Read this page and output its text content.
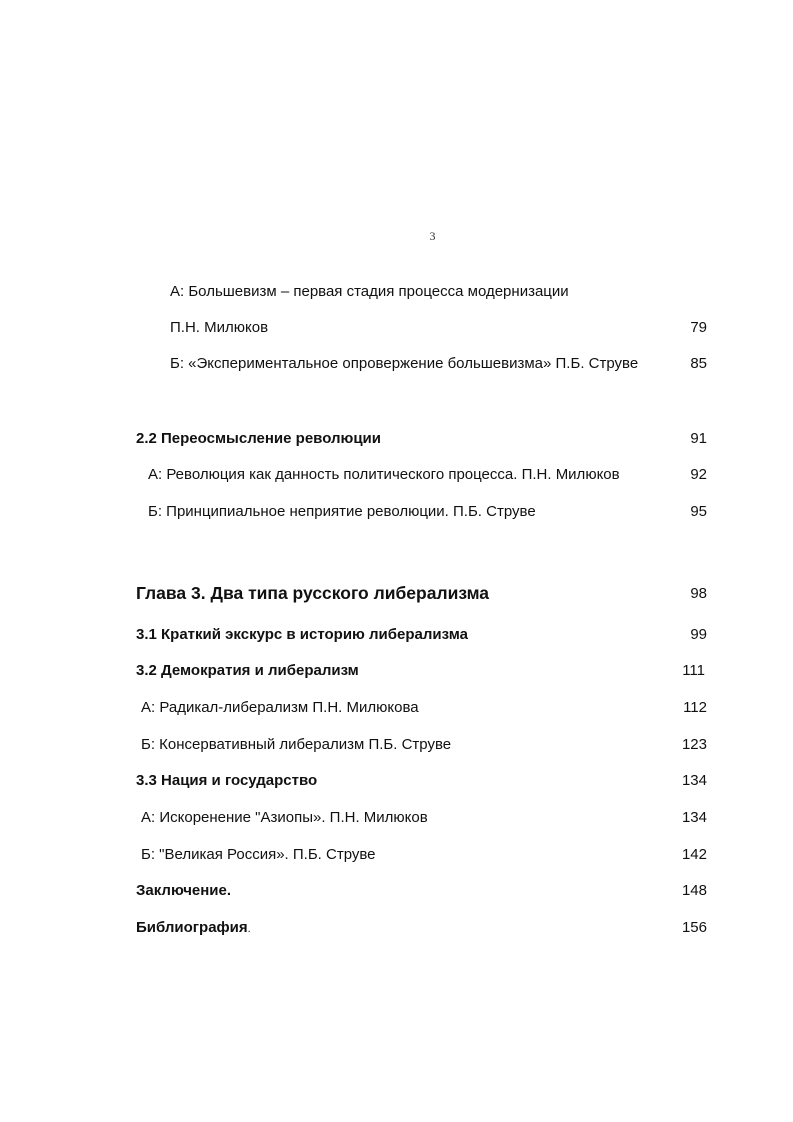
3
А: Большевизм – первая стадия процесса модернизации
П.Н. Милюков	79
Б: «Экспериментальное опровержение большевизма» П.Б. Струве	85
2.2 Переосмысление революции	91
А: Революция как данность политического процесса. П.Н. Милюков	92
Б: Принципиальное неприятие революции. П.Б. Струве	95
Глава 3. Два типа русского либерализма	98
3.1 Краткий экскурс в историю либерализма	99
3.2 Демократия и либерализм	111
А: Радикал-либерализм П.Н. Милюкова	112
Б: Консервативный либерализм П.Б. Струве	123
3.3 Нация и государство	134
А: Искоренение "Азиопы». П.Н. Милюков	134
Б: "Великая Россия». П.Б. Струве	142
Заключение.	148
Библиография.	156
